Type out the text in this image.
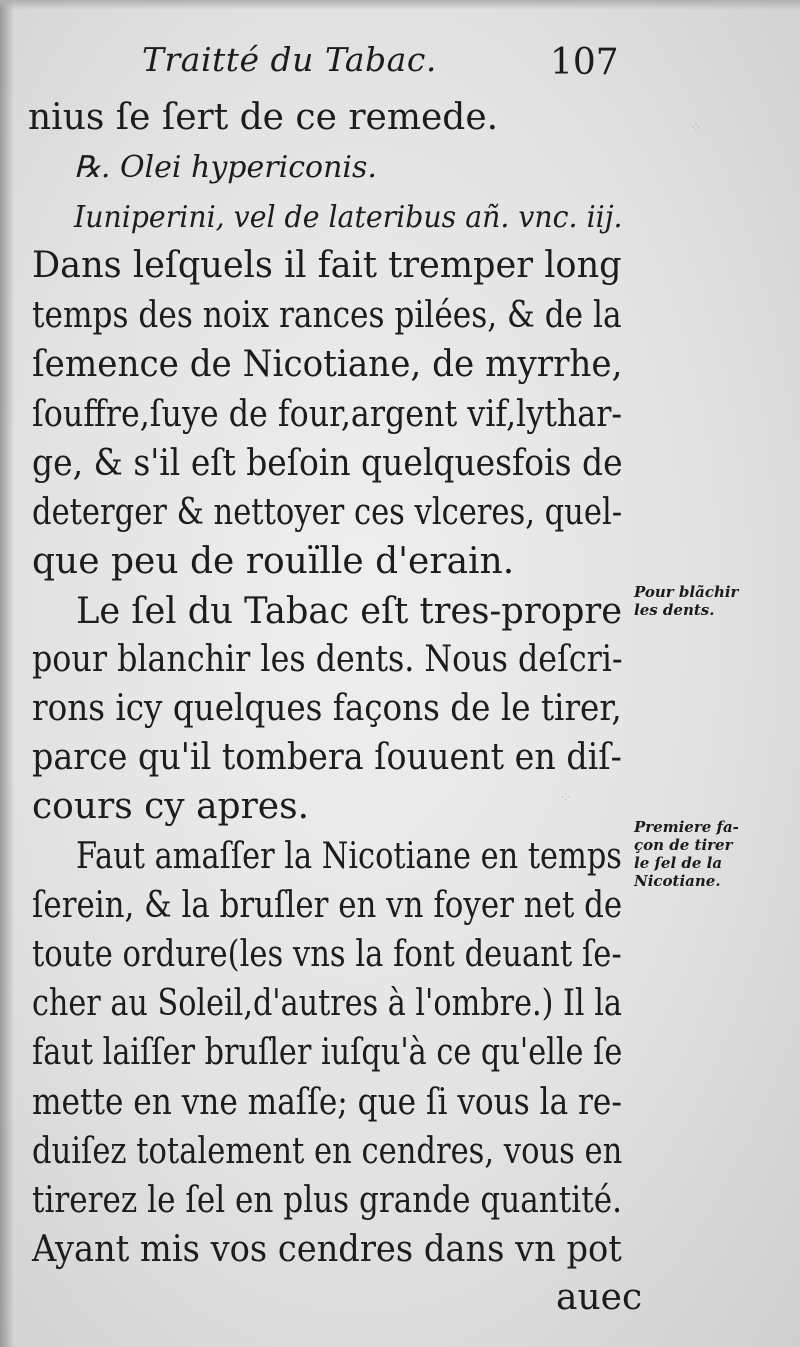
⁘
⁘
Traitté du Tabac.	107
nius ſe ſert de ce remede.
℞. Olei hypericonis.
Iuniperini, vel de lateribus añ. vnc. iij.
Dans leſquels il fait tremper long
temps des noix rances pilées, & de la
ſemence de Nicotiane, de myrrhe,
ſouffre,ſuye de four,argent vif,lythar-
ge, & s'il eſt beſoin quelquesfois de
deterger & nettoyer ces vlceres, quel-
que peu de rouïlle d'erain.
Le ſel du Tabac eſt tres-propre
pour blanchir les dents. Nous deſcri-
rons icy quelques façons de le tirer,
parce qu'il tombera ſouuent en diſ-
cours cy apres.
Faut amaſſer la Nicotiane en temps
ſerein, & la bruſler en vn foyer net de
toute ordure(les vns la font deuant ſe-
cher au Soleil,d'autres à l'ombre.) Il la
faut laiſſer bruſler iuſqu'à ce qu'elle ſe
mette en vne maſſe; que ſi vous la re-
duiſez totalement en cendres, vous en
tirerez le ſel en plus grande quantité.
Ayant mis vos cendres dans vn pot
auec
Pour blãchir
les dents.
Premiere fa-
çon de tirer
le ſel de la
Nicotiane.
